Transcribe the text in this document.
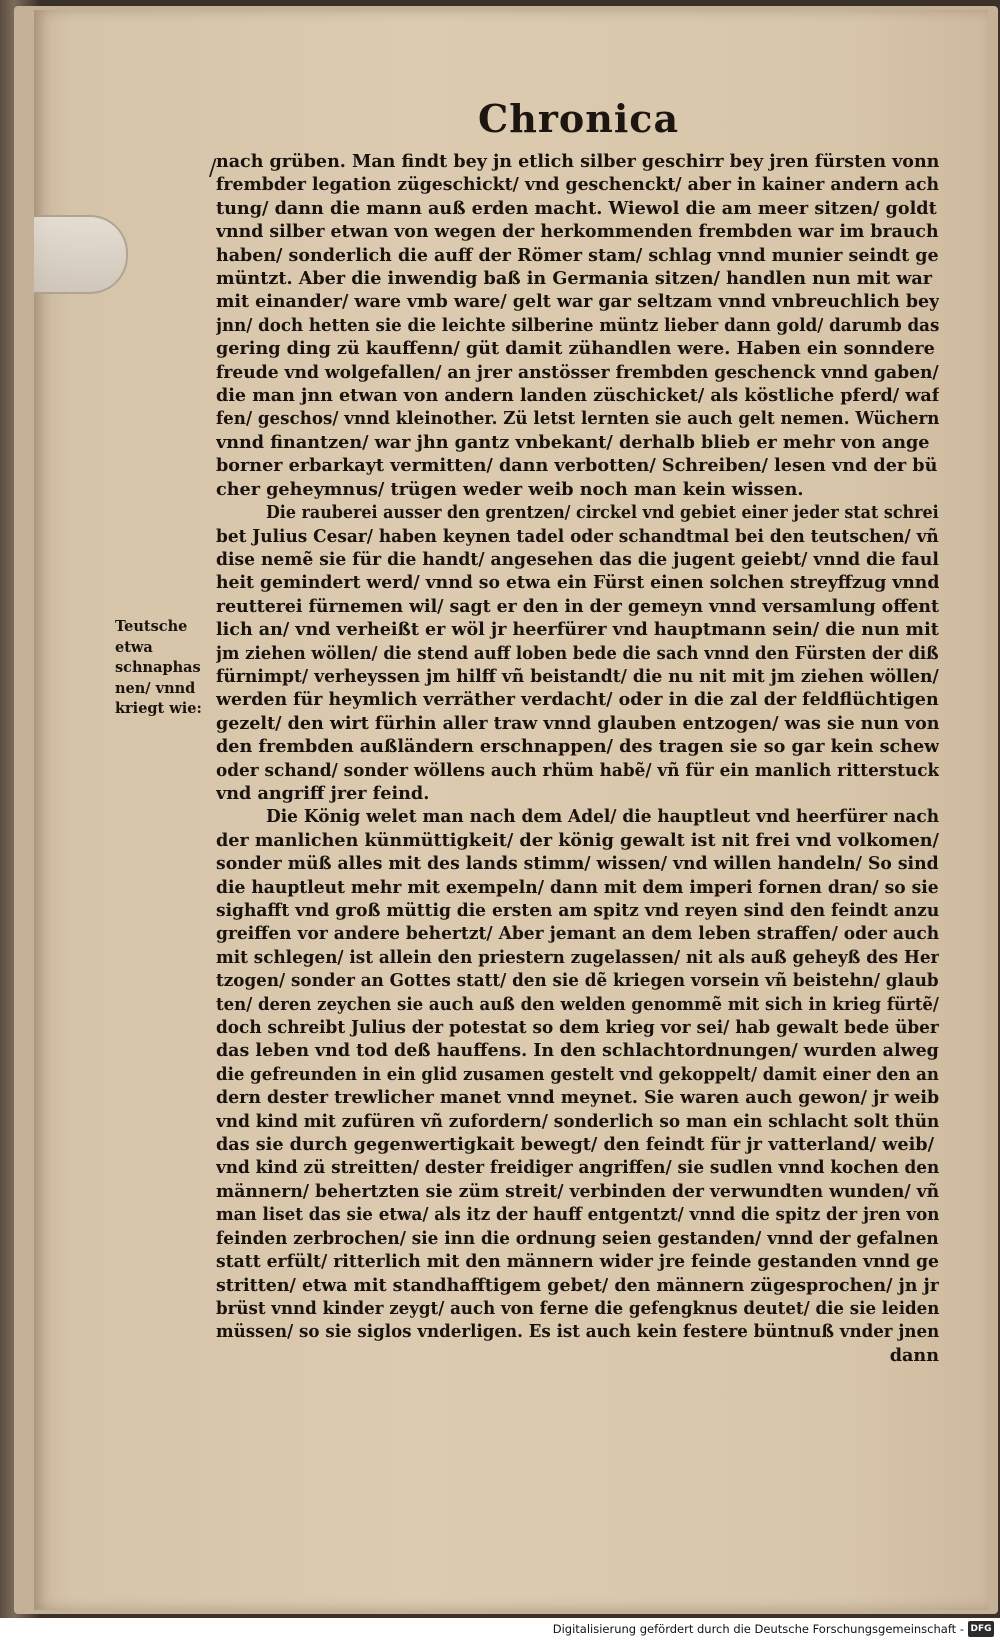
Chronica
/
Teutsche
etwa
schnaphas
nen/ vnnd
kriegt wie:
nach grüben. Man findt bey jn etlich silber geschirr bey jren fürsten vonn
frembder legation zügeschickt/ vnd geschenckt/ aber in kainer andern ach
tung/ dann die mann auß erden macht. Wiewol die am meer sitzen/ goldt
vnnd silber etwan von wegen der herkommenden frembden war im brauch
haben/ sonderlich die auff der Römer stam/ schlag vnnd munier seindt ge
müntzt. Aber die inwendig baß in Germania sitzen/ handlen nun mit war
mit einander/ ware vmb ware/ gelt war gar seltzam vnnd vnbreuchlich bey
jnn/ doch hetten sie die leichte silberine müntz lieber dann gold/ darumb das
gering ding zü kauffenn/ güt damit zühandlen were. Haben ein sonndere
freude vnd wolgefallen/ an jrer anstösser frembden geschenck vnnd gaben/
die man jnn etwan von andern landen züschicket/ als köstliche pferd/ waf
fen/ geschos/ vnnd kleinother. Zü letst lernten sie auch gelt nemen. Wüchern
vnnd finantzen/ war jhn gantz vnbekant/ derhalb blieb er mehr von ange
borner erbarkayt vermitten/ dann verbotten/ Schreiben/ lesen vnd der bü
cher geheymnus/ trügen weder weib noch man kein wissen.
Die rauberei ausser den grentzen/ circkel vnd gebiet einer jeder stat schrei
bet Julius Cesar/ haben keynen tadel oder schandtmal bei den teutschen/ vñ
dise nemẽ sie für die handt/ angesehen das die jugent geiebt/ vnnd die faul
heit gemindert werd/ vnnd so etwa ein Fürst einen solchen streyffzug vnnd
reutterei fürnemen wil/ sagt er den in der gemeyn vnnd versamlung offent
lich an/ vnd verheißt er wöl jr heerfürer vnd hauptmann sein/ die nun mit
jm ziehen wöllen/ die stend auff loben bede die sach vnnd den Fürsten der diß
fürnimpt/ verheyssen jm hilff vñ beistandt/ die nu nit mit jm ziehen wöllen/
werden für heymlich verräther verdacht/ oder in die zal der feldflüchtigen
gezelt/ den wirt fürhin aller traw vnnd glauben entzogen/ was sie nun von
den frembden außländern erschnappen/ des tragen sie so gar kein schew
oder schand/ sonder wöllens auch rhüm habẽ/ vñ für ein manlich ritterstuck
vnd angriff jrer feind.
Die König welet man nach dem Adel/ die hauptleut vnd heerfürer nach
der manlichen künmüttigkeit/ der könig gewalt ist nit frei vnd volkomen/
sonder müß alles mit des lands stimm/ wissen/ vnd willen handeln/ So sind
die hauptleut mehr mit exempeln/ dann mit dem imperi fornen dran/ so sie
sighafft vnd groß müttig die ersten am spitz vnd reyen sind den feindt anzu
greiffen vor andere behertzt/ Aber jemant an dem leben straffen/ oder auch
mit schlegen/ ist allein den priestern zugelassen/ nit als auß geheyß des Her
tzogen/ sonder an Gottes statt/ den sie dẽ kriegen vorsein vñ beistehn/ glaub
ten/ deren zeychen sie auch auß den welden genommẽ mit sich in krieg fürtẽ/
doch schreibt Julius der potestat so dem krieg vor sei/ hab gewalt bede über
das leben vnd tod deß hauffens. In den schlachtordnungen/ wurden alweg
die gefreunden in ein glid zusamen gestelt vnd gekoppelt/ damit einer den an
dern dester trewlicher manet vnnd meynet. Sie waren auch gewon/ jr weib
vnd kind mit zufüren vñ zufordern/ sonderlich so man ein schlacht solt thün
das sie durch gegenwertigkait bewegt/ den feindt für jr vatterland/ weib/
vnd kind zü streitten/ dester freidiger angriffen/ sie sudlen vnnd kochen den
männern/ behertzten sie züm streit/ verbinden der verwundten wunden/ vñ
man liset das sie etwa/ als itz der hauff entgentzt/ vnnd die spitz der jren von
feinden zerbrochen/ sie inn die ordnung seien gestanden/ vnnd der gefalnen
statt erfült/ ritterlich mit den männern wider jre feinde gestanden vnnd ge
stritten/ etwa mit standhafftigem gebet/ den männern zügesprochen/ jn jr
brüst vnnd kinder zeygt/ auch von ferne die gefengknus deutet/ die sie leiden
müssen/ so sie siglos vnderligen. Es ist auch kein festere büntnuß vnder jnen
dann
Digitalisierung gefördert durch die Deutsche Forschungsgemeinschaft - DFG
